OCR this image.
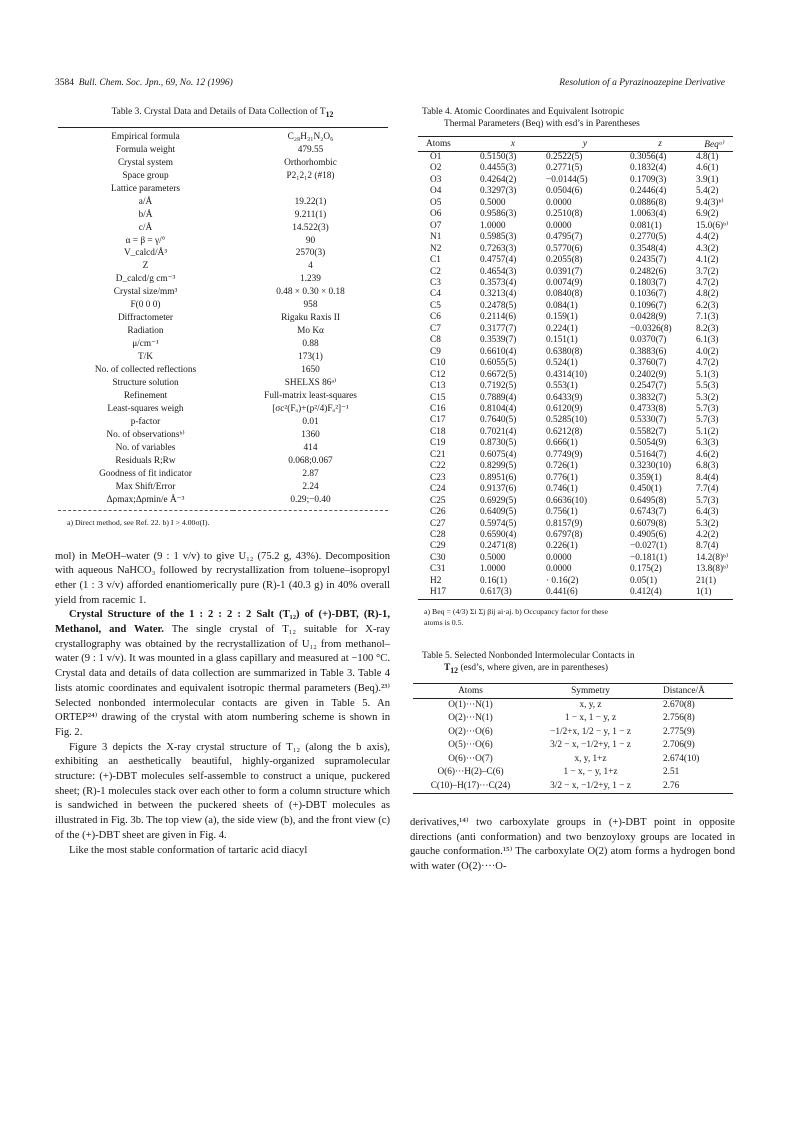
3584 Bull. Chem. Soc. Jpn., 69, No. 12 (1996)	Resolution of a Pyrazinoazepine Derivative
Table 3. Crystal Data and Details of Data Collection of $T_{12}$
Empirical formula	C₂₈H₃₁N₂O₆
Formula weight	479.55
Crystal system	Orthorhombic
Space group	P2₁2₁2 (#18)
Lattice parameters	
a/Å	19.22(1)
b/Å	9.211(1)
c/Å	14.522(3)
α = β = γ/°	90
V_calcd/Å³	2570(3)
Z	4
D_calcd/g cm⁻³	1.239
Crystal size/mm³	0.48 × 0.30 × 0.18
F(0 0 0)	958
Diffractometer	Rigaku Raxis II
Radiation	Mo Kα
μ/cm⁻¹	0.88
T/K	173(1)
No. of collected reflections	1650
Structure solution	SHELXS 86ᵃ⁾
Refinement	Full-matrix least-squares
Least-squares weigh	[σc²(Fₒ)+(p²/4)Fₒ²]⁻¹
p-factor	0.01
No. of observationsᵇ⁾	1360
No. of variables	414
Residuals R;Rw	0.068;0.067
Goodness of fit indicator	2.87
Max Shift/Error	2.24
Δρmax;Δρmin/e Å⁻³	0.29;−0.40
a) Direct method, see Ref. 22. b) I > 4.00σ(I).

mol) in MeOH–water (9 : 1 v/v) to give U₁₂ (75.2 g, 43%). Decomposition with aqueous NaHCO₃ followed by recrystallization from toluene–isopropyl ether (1 : 3 v/v) afforded enantiomerically pure (R)-1 (40.3 g) in 40% overall yield from racemic 1.

Crystal Structure of the 1 : 2 : 2 : 2 Salt (T₁₂) of (+)-DBT, (R)-1, Methanol, and Water. The single crystal of T₁₂ suitable for X-ray crystallography was obtained by the recrystallization of U₁₂ from methanol–water (9 : 1 v/v). It was mounted in a glass capillary and measured at −100 °C. Crystal data and details of data collection are summarized in Table 3. Table 4 lists atomic coordinates and equivalent isotropic thermal parameters (Beq).²³⁾ Selected nonbonded intermolecular contacts are given in Table 5. An ORTEP²⁴⁾ drawing of the crystal with atom numbering scheme is shown in Fig. 2.

Figure 3 depicts the X-ray crystal structure of T₁₂ (along the b axis), exhibiting an aesthetically beautiful, highly-organized supramolecular structure: (+)-DBT molecules self-assemble to construct a unique, puckered sheet; (R)-1 molecules stack over each other to form a column structure which is sandwiched in between the puckered sheets of (+)-DBT molecules as illustrated in Fig. 3b. The top view (a), the side view (b), and the front view (c) of the (+)-DBT sheet are given in Fig. 4.

Like the most stable conformation of tartaric acid diacyl

Table 4. Atomic Coordinates and Equivalent Isotropic
Thermal Parameters (Beq) with esd’s in Parentheses
Atoms	x	y	z	Beqᵃ⁾
O1	0.5150(3)	0.2522(5)	0.3056(4)	4.8(1)
O2	0.4455(3)	0.2771(5)	0.1832(4)	4.6(1)
O3	0.4264(2)	−0.0144(5)	0.1709(3)	3.9(1)
O4	0.3297(3)	0.0504(6)	0.2446(4)	5.4(2)
O5	0.5000	0.0000	0.0886(8)	9.4(3)ᵇ⁾
O6	0.9586(3)	0.2510(8)	1.0063(4)	6.9(2)
O7	1.0000	0.0000	0.081(1)	15.0(6)ᵇ⁾
N1	0.5985(3)	0.4795(7)	0.2770(5)	4.4(2)
N2	0.7263(3)	0.5770(6)	0.3548(4)	4.3(2)
C1	0.4757(4)	0.2055(8)	0.2435(7)	4.1(2)
C2	0.4654(3)	0.0391(7)	0.2482(6)	3.7(2)
C3	0.3573(4)	0.0074(9)	0.1803(7)	4.7(2)
C4	0.3213(4)	0.0840(8)	0.1036(7)	4.8(2)
C5	0.2478(5)	0.084(1)	0.1096(7)	6.2(3)
C6	0.2114(6)	0.159(1)	0.0428(9)	7.1(3)
C7	0.3177(7)	0.224(1)	−0.0326(8)	8.2(3)
C8	0.3539(7)	0.151(1)	0.0370(7)	6.1(3)
C9	0.6610(4)	0.6380(8)	0.3883(6)	4.0(2)
C10	0.6055(5)	0.524(1)	0.3760(7)	4.7(2)
C12	0.6672(5)	0.4314(10)	0.2402(9)	5.1(3)
C13	0.7192(5)	0.553(1)	0.2547(7)	5.5(3)
C15	0.7889(4)	0.6433(9)	0.3832(7)	5.3(2)
C16	0.8104(4)	0.6120(9)	0.4733(8)	5.7(3)
C17	0.7640(5)	0.5285(10)	0.5330(7)	5.7(3)
C18	0.7021(4)	0.6212(8)	0.5582(7)	5.1(2)
C19	0.8730(5)	0.666(1)	0.5054(9)	6.3(3)
C21	0.6075(4)	0.7749(9)	0.5164(7)	4.6(2)
C22	0.8299(5)	0.726(1)	0.3230(10)	6.8(3)
C23	0.8951(6)	0.776(1)	0.359(1)	8.4(4)
C24	0.9137(6)	0.746(1)	0.450(1)	7.7(4)
C25	0.6929(5)	0.6636(10)	0.6495(8)	5.7(3)
C26	0.6409(5)	0.756(1)	0.6743(7)	6.4(3)
C27	0.5974(5)	0.8157(9)	0.6079(8)	5.3(2)
C28	0.6590(4)	0.6797(8)	0.4905(6)	4.2(2)
C29	0.2471(8)	0.226(1)	−0.027(1)	8.7(4)
C30	0.5000	0.0000	−0.181(1)	14.2(8)ᵇ⁾
C31	1.0000	0.0000	0.175(2)	13.8(8)ᵇ⁾
H2	0.16(1)	· 0.16(2)	0.05(1)	21(1)
H17	0.617(3)	0.441(6)	0.412(4)	1(1)
a) Beq = (4/3) Σi Σj βij ai·aj. b) Occupancy factor for these
atoms is 0.5.
Table 5. Selected Nonbonded Intermolecular Contacts in
$T_{12}$ (esd’s, where given, are in parentheses)
Atoms	Symmetry	Distance/Å
O(1)···N(1)	x, y, z	2.670(8)
O(2)···N(1)	1 − x, 1 − y, z	2.756(8)
O(2)···O(6)	−1/2+x, 1/2 − y, 1 − z	2.775(9)
O(5)···O(6)	3/2 − x, −1/2+y, 1 − z	2.706(9)
O(6)···O(7)	x, y, 1+z	2.674(10)
O(6)···H(2)–C(6)	1 − x, − y, 1+z	2.51
C(10)–H(17)···C(24)	3/2 − x, −1/2+y, 1 − z	2.76

derivatives,¹⁴⁾ two carboxylate groups in (+)-DBT point in opposite directions (anti conformation) and two benzoyloxy groups are located in gauche conformation.¹⁵⁾ The carboxylate O(2) atom forms a hydrogen bond with water (O(2)····O-
